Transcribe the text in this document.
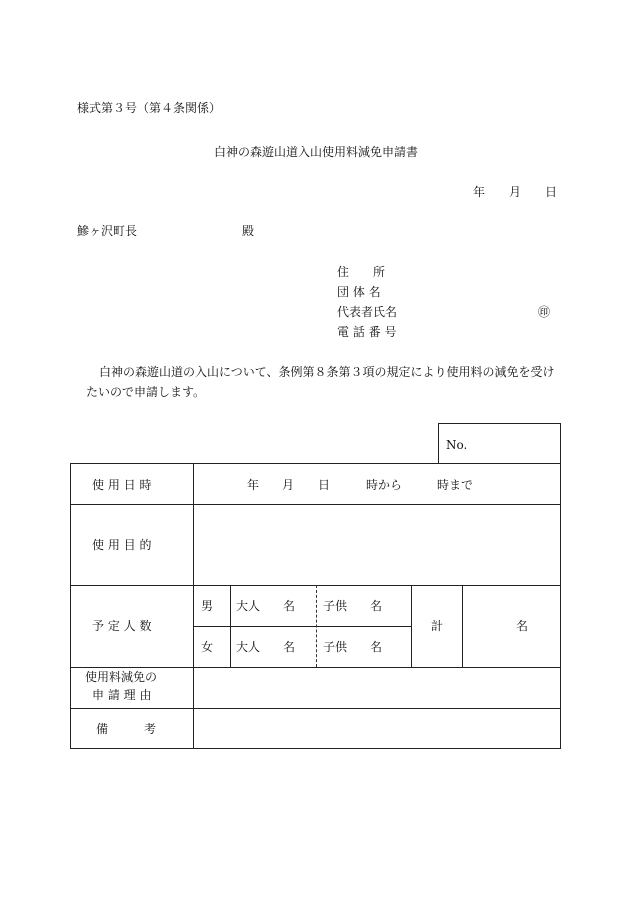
様式第３号（第４条関係）
白神の森遊山道入山使用料減免申請書
年 月 日
鰺ヶ沢町長	殿
住　　所
団 体 名
代表者氏名	㊞
電 話 番 号
白神の森遊山道の入山について、条例第８条第３項の規定により使用料の減免を受け
たいので申請します。
No.
使 用 日 時	年 月 日	時から	時まで
使 用 目 的
予 定 人 数
男 大人 名 子供 名
女 大人 名 子供 名
計	名
使用料減免の
申 請 理 由
備　　　考
